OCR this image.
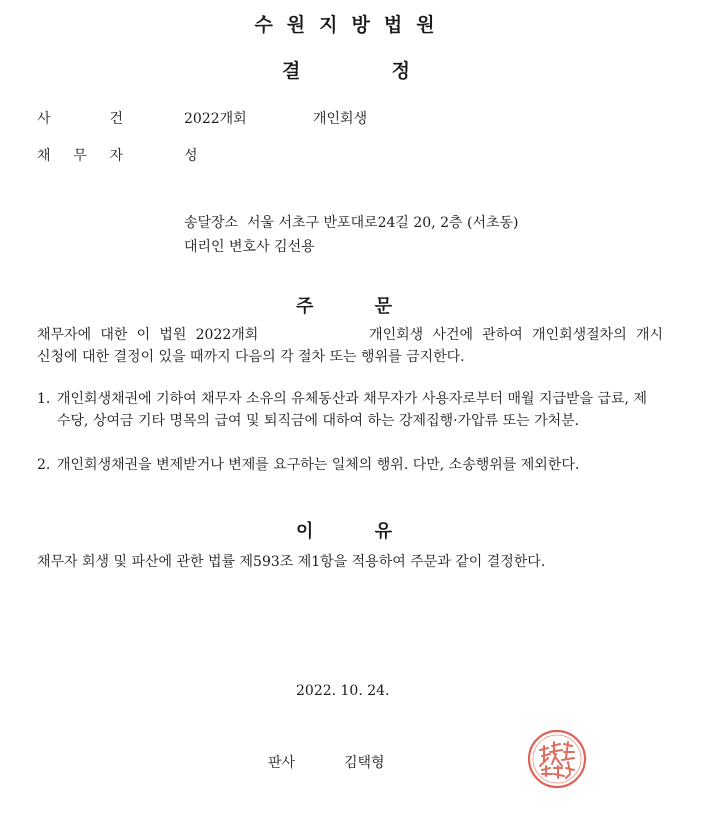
수원지방법원
결	정
사	건	2022개회	개인회생
채 무 자	성
송달장소  서울 서초구 반포대로24길 20, 2층 (서초동)
대리인 변호사 김선용
주	문
채무자에 대한 이 법원 2022개회            개인회생 사건에 관하여 개인회생절차의 개시
신청에 대한 결정이 있을 때까지 다음의 각 절차 또는 행위를 금지한다.
1. 개인회생채권에 기하여 채무자 소유의 유체동산과 채무자가 사용자로부터 매월 지급받을 급료, 제수당, 상여금 기타 명목의 급여 및 퇴직금에 대하여 하는 강제집행·가압류 또는 가처분.
2. 개인회생채권을 변제받거나 변제를 요구하는 일체의 행위. 다만, 소송행위를 제외한다.
이	유
채무자 회생 및 파산에 관한 법률 제593조 제1항을 적용하여 주문과 같이 결정한다.
2022. 10. 24.
판사	김택형
